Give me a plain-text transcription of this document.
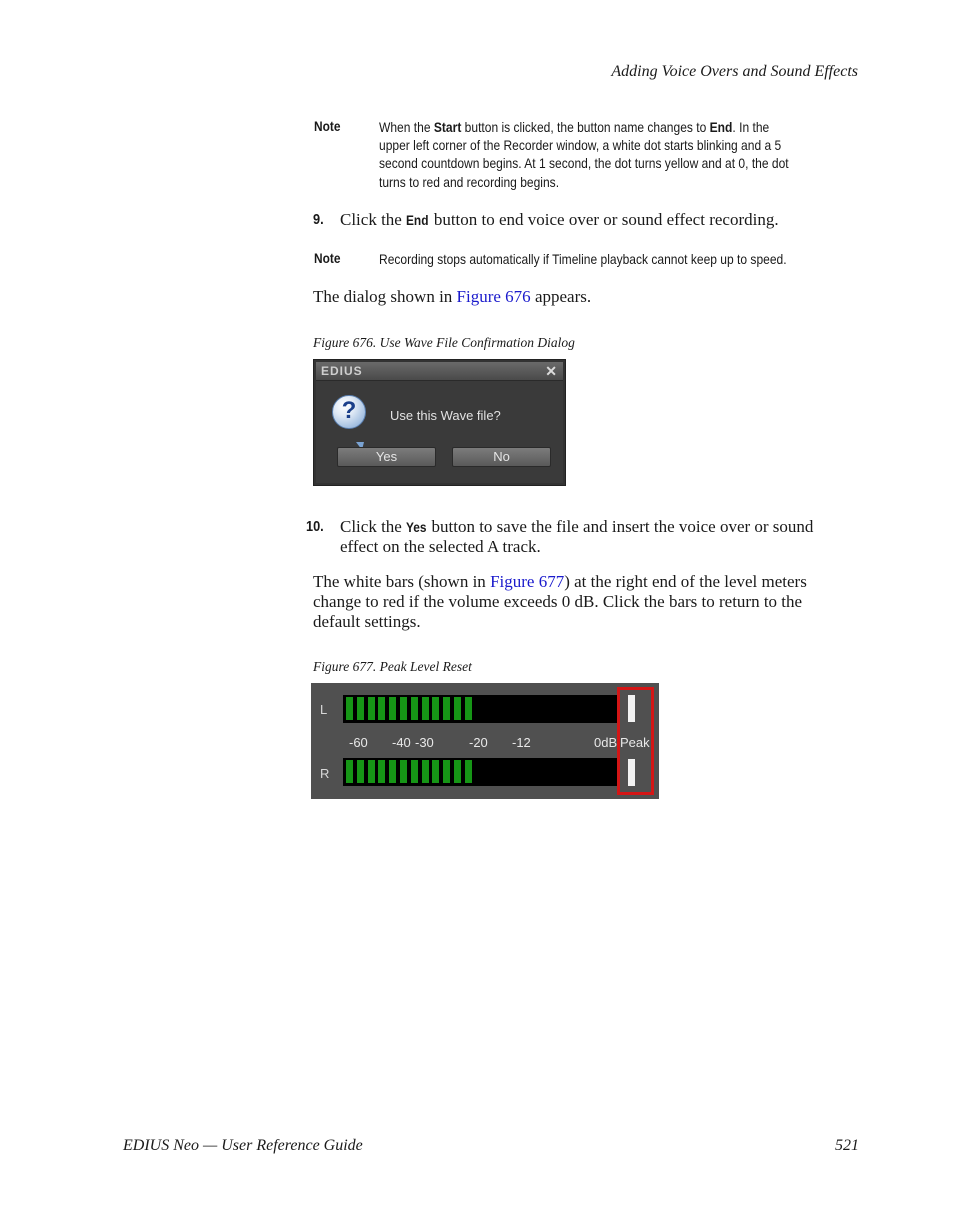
Adding Voice Overs and Sound Effects
Note	When the Start button is clicked, the button name changes to End. In the
upper left corner of the Recorder window, a white dot starts blinking and a 5
second countdown begins. At 1 second, the dot turns yellow and at 0, the dot
turns to red and recording begins.
9. Click the End button to end voice over or sound effect recording.
Note	Recording stops automatically if Timeline playback cannot keep up to speed.
The dialog shown in Figure 676 appears.
Figure 676. Use Wave File Confirmation Dialog
EDIUS	✕
?	Use this Wave file?
Yes	No
10. Click the Yes button to save the file and insert the voice over or sound
effect on the selected A track.
The white bars (shown in Figure 677) at the right end of the level meters
change to red if the volume exceeds 0 dB. Click the bars to return to the
default settings.
Figure 677. Peak Level Reset
L
-60 -40 -30	-20 -12	0dB Peak
R
EDIUS Neo — User Reference Guide	521
